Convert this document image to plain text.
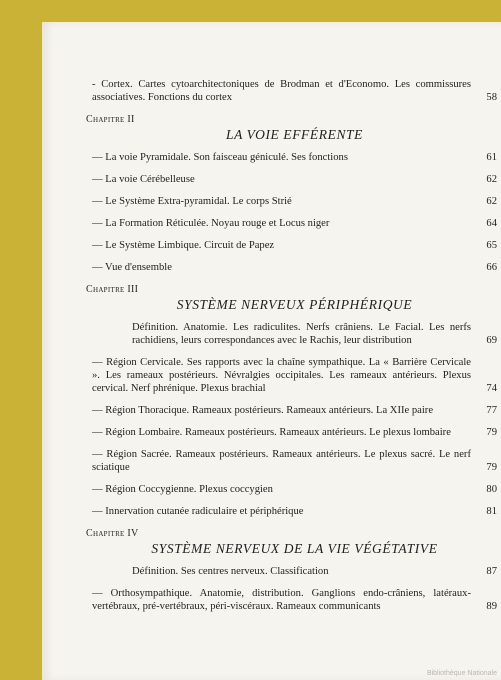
- Cortex. Cartes cytoarchitectoniques de Brodman et d'Economo. Les commissures associatives. Fonctions du cortex	58
Chapitre II
LA VOIE EFFÉRENTE
— La voie Pyramidale. Son faisceau géniculé. Ses fonctions	61
— La voie Cérébelleuse	62
— Le Système Extra-pyramidal. Le corps Strié	62
— La Formation Réticulée. Noyau rouge et Locus niger	64
— Le Système Limbique. Circuit de Papez	65
— Vue d'ensemble	66
Chapitre III
SYSTÈME NERVEUX PÉRIPHÉRIQUE
Définition. Anatomie. Les radiculites. Nerfs crâniens. Le Facial. Les nerfs rachidiens, leurs correspondances avec le Rachis, leur distribution	69
— Région Cervicale. Ses rapports avec la chaîne sympathique. La « Barrière Cervicale ». Les rameaux postérieurs. Névralgies occipitales. Les rameaux antérieurs. Plexus cervical. Nerf phrénique. Plexus brachial	74
— Région Thoracique. Rameaux postérieurs. Rameaux antérieurs. La XIIe paire	77
— Région Lombaire. Rameaux postérieurs. Rameaux antérieurs. Le plexus lombaire	79
— Région Sacrée. Rameaux postérieurs. Rameaux antérieurs. Le plexus sacré. Le nerf sciatique	79
— Région Coccygienne. Plexus coccygien	80
— Innervation cutanée radiculaire et périphérique	81
Chapitre IV
SYSTÈME NERVEUX DE LA VIE VÉGÉTATIVE
Définition. Ses centres nerveux. Classification	87
— Orthosympathique. Anatomie, distribution. Ganglions endo-crâniens, latéraux-vertébraux, pré-vertébraux, péri-viscéraux. Rameaux communicants	89
Bibliothèque Nationale
